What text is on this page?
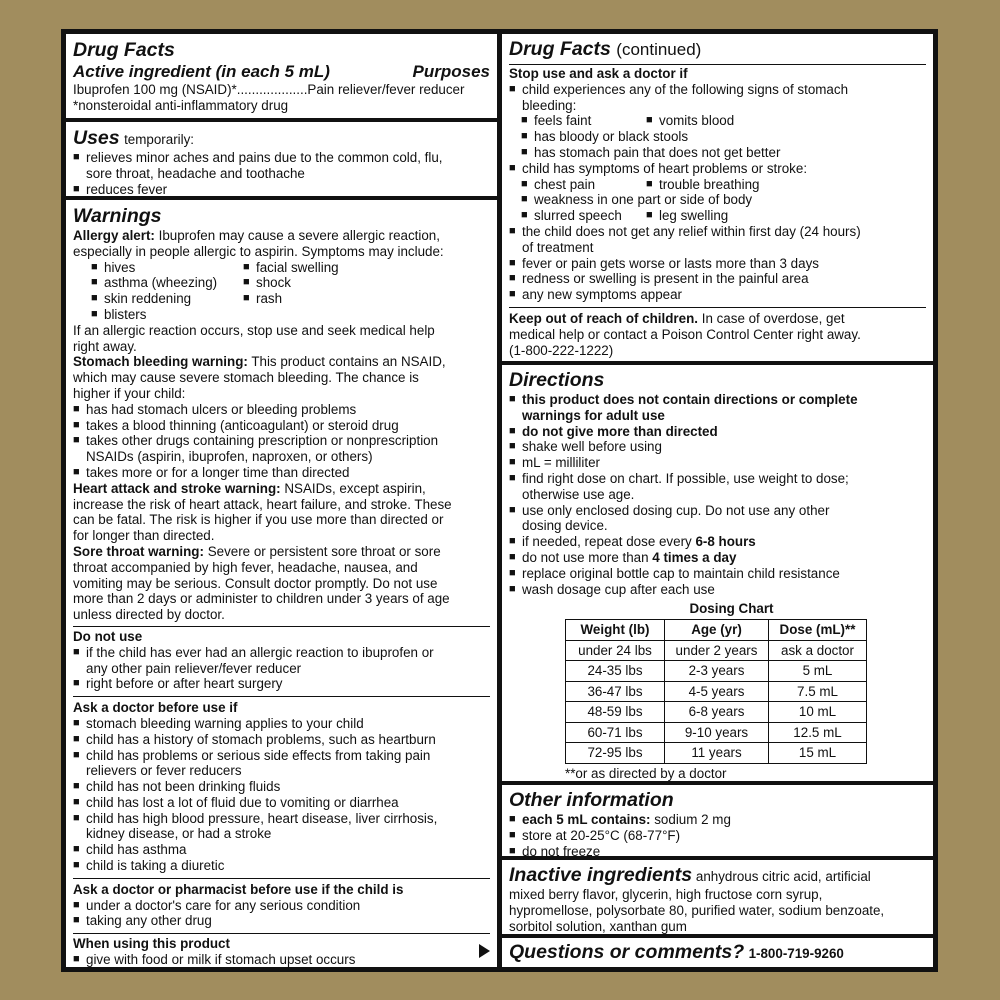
Drug Facts
Active ingredient (in each 5 mL)	Purposes
Ibuprofen 100 mg (NSAID)*...................Pain reliever/fever reducer
*nonsteroidal anti-inflammatory drug
Uses temporarily:
■ relieves minor aches and pains due to the common cold, flu,
sore throat, headache and toothache
■ reduces fever
Warnings
Allergy alert: Ibuprofen may cause a severe allergic reaction,
especially in people allergic to aspirin. Symptoms may include:
■ hives	■ facial swelling
■ asthma (wheezing) ■ shock
■ skin reddening	■ rash
■ blisters
If an allergic reaction occurs, stop use and seek medical help
right away.
Stomach bleeding warning: This product contains an NSAID,
which may cause severe stomach bleeding. The chance is
higher if your child:
■ has had stomach ulcers or bleeding problems
■ takes a blood thinning (anticoagulant) or steroid drug
■ takes other drugs containing prescription or nonprescription
NSAIDs (aspirin, ibuprofen, naproxen, or others)
■ takes more or for a longer time than directed
Heart attack and stroke warning: NSAIDs, except aspirin,
increase the risk of heart attack, heart failure, and stroke. These
can be fatal. The risk is higher if you use more than directed or
for longer than directed.
Sore throat warning: Severe or persistent sore throat or sore
throat accompanied by high fever, headache, nausea, and
vomiting may be serious. Consult doctor promptly. Do not use
more than 2 days or administer to children under 3 years of age
unless directed by doctor.
Do not use
■ if the child has ever had an allergic reaction to ibuprofen or
any other pain reliever/fever reducer
■ right before or after heart surgery
Ask a doctor before use if
■ stomach bleeding warning applies to your child
■ child has a history of stomach problems, such as heartburn
■ child has problems or serious side effects from taking pain
relievers or fever reducers
■ child has not been drinking fluids
■ child has lost a lot of fluid due to vomiting or diarrhea
■ child has high blood pressure, heart disease, liver cirrhosis,
kidney disease, or had a stroke
■ child has asthma
■ child is taking a diuretic
Ask a doctor or pharmacist before use if the child is
■ under a doctor's care for any serious condition
■ taking any other drug
When using this product
■ give with food or milk if stomach upset occurs
Drug Facts (continued)
Stop use and ask a doctor if
■ child experiences any of the following signs of stomach
bleeding:
■ feels faint	■ vomits blood
■ has bloody or black stools
■ has stomach pain that does not get better
■ child has symptoms of heart problems or stroke:
■ chest pain	■ trouble breathing
■ weakness in one part or side of body
■ slurred speech ■ leg swelling
■ the child does not get any relief within first day (24 hours)
of treatment
■ fever or pain gets worse or lasts more than 3 days
■ redness or swelling is present in the painful area
■ any new symptoms appear
Keep out of reach of children. In case of overdose, get
medical help or contact a Poison Control Center right away.
(1-800-222-1222)
Directions
■ this product does not contain directions or complete
warnings for adult use
■ do not give more than directed
■ shake well before using
■ mL = milliliter
■ find right dose on chart. If possible, use weight to dose;
otherwise use age.
■ use only enclosed dosing cup. Do not use any other
dosing device.
■ if needed, repeat dose every 6-8 hours
■ do not use more than 4 times a day
■ replace original bottle cap to maintain child resistance
■ wash dosage cup after each use
Dosing Chart
Weight (lb)	Age (yr)	Dose (mL)**
under 24 lbs	under 2 years	ask a doctor
24-35 lbs	2-3 years	5 mL
36-47 lbs	4-5 years	7.5 mL
48-59 lbs	6-8 years	10 mL
60-71 lbs	9-10 years	12.5 mL
72-95 lbs	11 years	15 mL
**or as directed by a doctor
Other information
■ each 5 mL contains: sodium 2 mg
■ store at 20-25°C (68-77°F)
■ do not freeze
Inactive ingredients anhydrous citric acid, artificial
mixed berry flavor, glycerin, high fructose corn syrup,
hypromellose, polysorbate 80, purified water, sodium benzoate,
sorbitol solution, xanthan gum
Questions or comments? 1-800-719-9260
